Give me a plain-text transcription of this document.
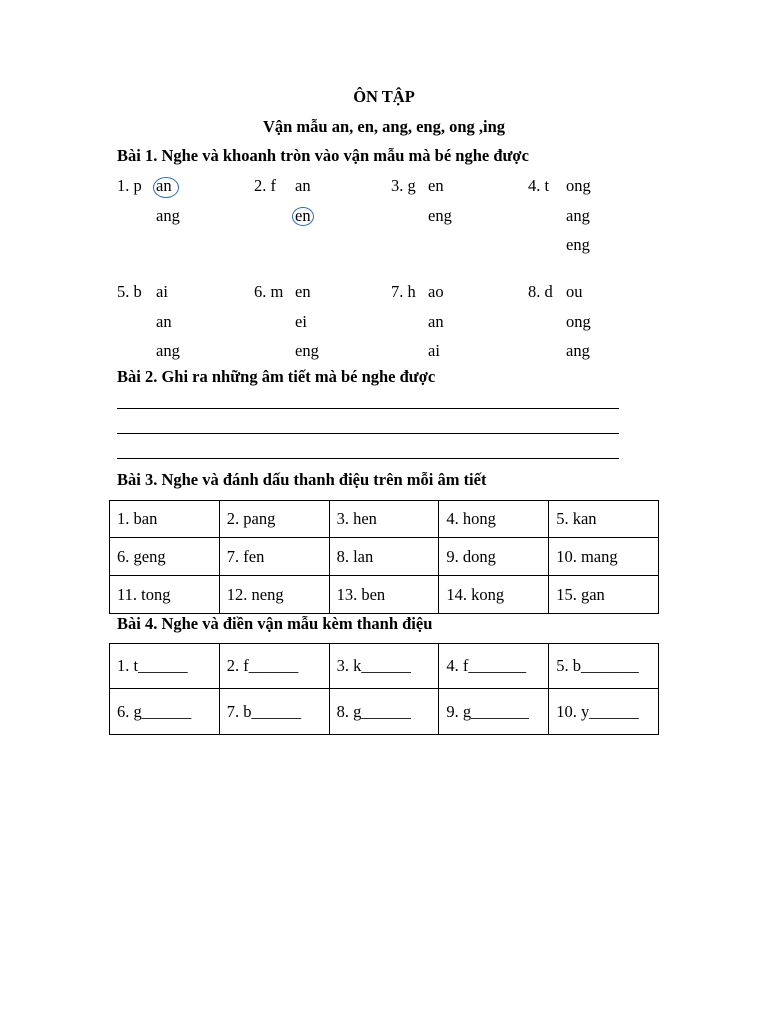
ÔN TẬP
Vận mẫu an, en, ang, eng, ong ,ing
Bài 1. Nghe và khoanh tròn vào vận mẫu mà bé nghe được
1. p an
ang
2. f an
en
3. g en
eng
4. t ong
ang
eng
5. b ai
an
ang
6. m en
ei
eng
7. h ao
an
ai
8. d ou
ong
ang
Bài 2. Ghi ra những âm tiết mà bé nghe được
Bài 3. Nghe và đánh dấu thanh điệu trên mỗi âm tiết
1. ban	2. pang	3. hen	4. hong	5. kan
6. geng	7. fen	8. lan	9. dong	10. mang
11. tong	12. neng	13. ben	14. kong	15. gan
Bài 4. Nghe và điền vận mẫu kèm thanh điệu
1. t______	2. f______	3. k______	4. f_______	5. b_______
6. g______	7. b______	8. g______	9. g_______	10. y______
